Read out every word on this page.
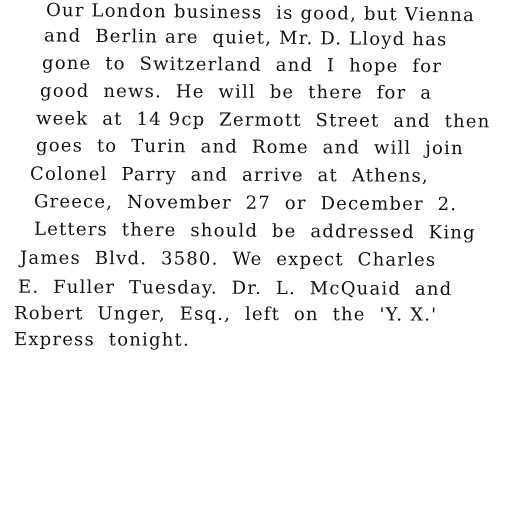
Our London business  is good, but Vienna
and  Berlin are  quiet, Mr. D. Lloyd has
gone  to  Switzerland  and  I  hope  for
good  news.  He  will  be  there  for  a
week  at  14 9cp  Zermott  Street  and  then
goes  to  Turin  and  Rome  and  will  join
Colonel  Parry  and  arrive  at  Athens,
Greece,  November  27  or  December  2.
Letters  there  should  be  addressed  King
James  Blvd.  3580.  We  expect  Charles
E.  Fuller  Tuesday.  Dr.  L.  McQuaid  and
Robert  Unger,  Esq.,  left  on  the  'Y. X.'
Express  tonight.
